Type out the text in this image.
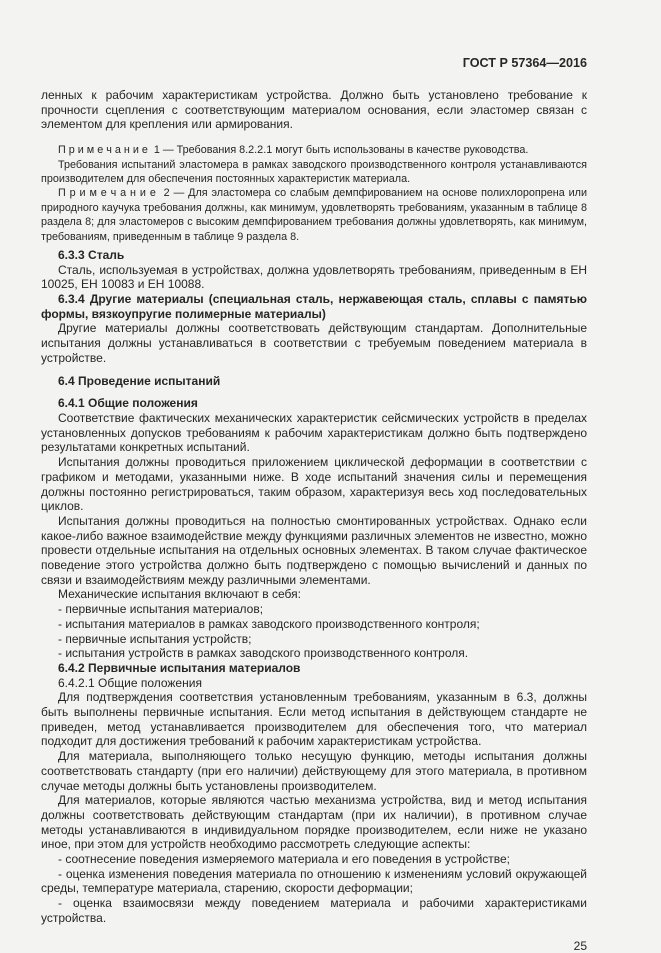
ГОСТ Р 57364—2016

ленных к рабочим характеристикам устройства. Должно быть установлено требование к прочности сцепления с соответствующим материалом основания, если эластомер связан с элементом для крепления или армирования.

П р и м е ч а н и е  1 — Требования 8.2.2.1 могут быть использованы в качестве руководства.

Требования испытаний эластомера в рамках заводского производственного контроля устанавливаются производителем для обеспечения постоянных характеристик материала.

П р и м е ч а н и е  2 — Для эластомера со слабым демпфированием на основе полихлоропрена или природного каучука требования должны, как минимум, удовлетворять требованиям, указанным в таблице 8 раздела 8; для эластомеров с высоким демпфированием требования должны удовлетворять, как минимум, требованиям, приведенным в таблице 9 раздела 8.

6.3.3 Сталь

Сталь, используемая в устройствах, должна удовлетворять требованиям, приведенным в ЕН 10025, ЕН 10083 и ЕН 10088.

6.3.4 Другие материалы (специальная сталь, нержавеющая сталь, сплавы с памятью формы, вязкоупругие полимерные материалы)

Другие материалы должны соответствовать действующим стандартам. Дополнительные испытания должны устанавливаться в соответствии с требуемым поведением материала в устройстве.

6.4 Проведение испытаний

6.4.1 Общие положения

Соответствие фактических механических характеристик сейсмических устройств в пределах установленных допусков требованиям к рабочим характеристикам должно быть подтверждено результатами конкретных испытаний.

Испытания должны проводиться приложением циклической деформации в соответствии с графиком и методами, указанными ниже. В ходе испытаний значения силы и перемещения должны постоянно регистрироваться, таким образом, характеризуя весь ход последовательных циклов.

Испытания должны проводиться на полностью смонтированных устройствах. Однако если какое-либо важное взаимодействие между функциями различных элементов не известно, можно провести отдельные испытания на отдельных основных элементах. В таком случае фактическое поведение этого устройства должно быть подтверждено с помощью вычислений и данных по связи и взаимодействиям между различными элементами.

Механические испытания включают в себя:

- первичные испытания материалов;

- испытания материалов в рамках заводского производственного контроля;

- первичные испытания устройств;

- испытания устройств в рамках заводского производственного контроля.

6.4.2 Первичные испытания материалов

6.4.2.1 Общие положения

Для подтверждения соответствия установленным требованиям, указанным в 6.3, должны быть выполнены первичные испытания. Если метод испытания в действующем стандарте не приведен, метод устанавливается производителем для обеспечения того, что материал подходит для достижения требований к рабочим характеристикам устройства.

Для материала, выполняющего только несущую функцию, методы испытания должны соответствовать стандарту (при его наличии) действующему для этого материала, в противном случае методы должны быть установлены производителем.

Для материалов, которые являются частью механизма устройства, вид и метод испытания должны соответствовать действующим стандартам (при их наличии), в противном случае методы устанавливаются в индивидуальном порядке производителем, если ниже не указано иное, при этом для устройств необходимо рассмотреть следующие аспекты:

- соотнесение поведения измеряемого материала и его поведения в устройстве;

- оценка изменения поведения материала по отношению к изменениям условий окружающей среды, температуре материала, старению, скорости деформации;

- оценка взаимосвязи между поведением материала и рабочими характеристиками устройства.

25
